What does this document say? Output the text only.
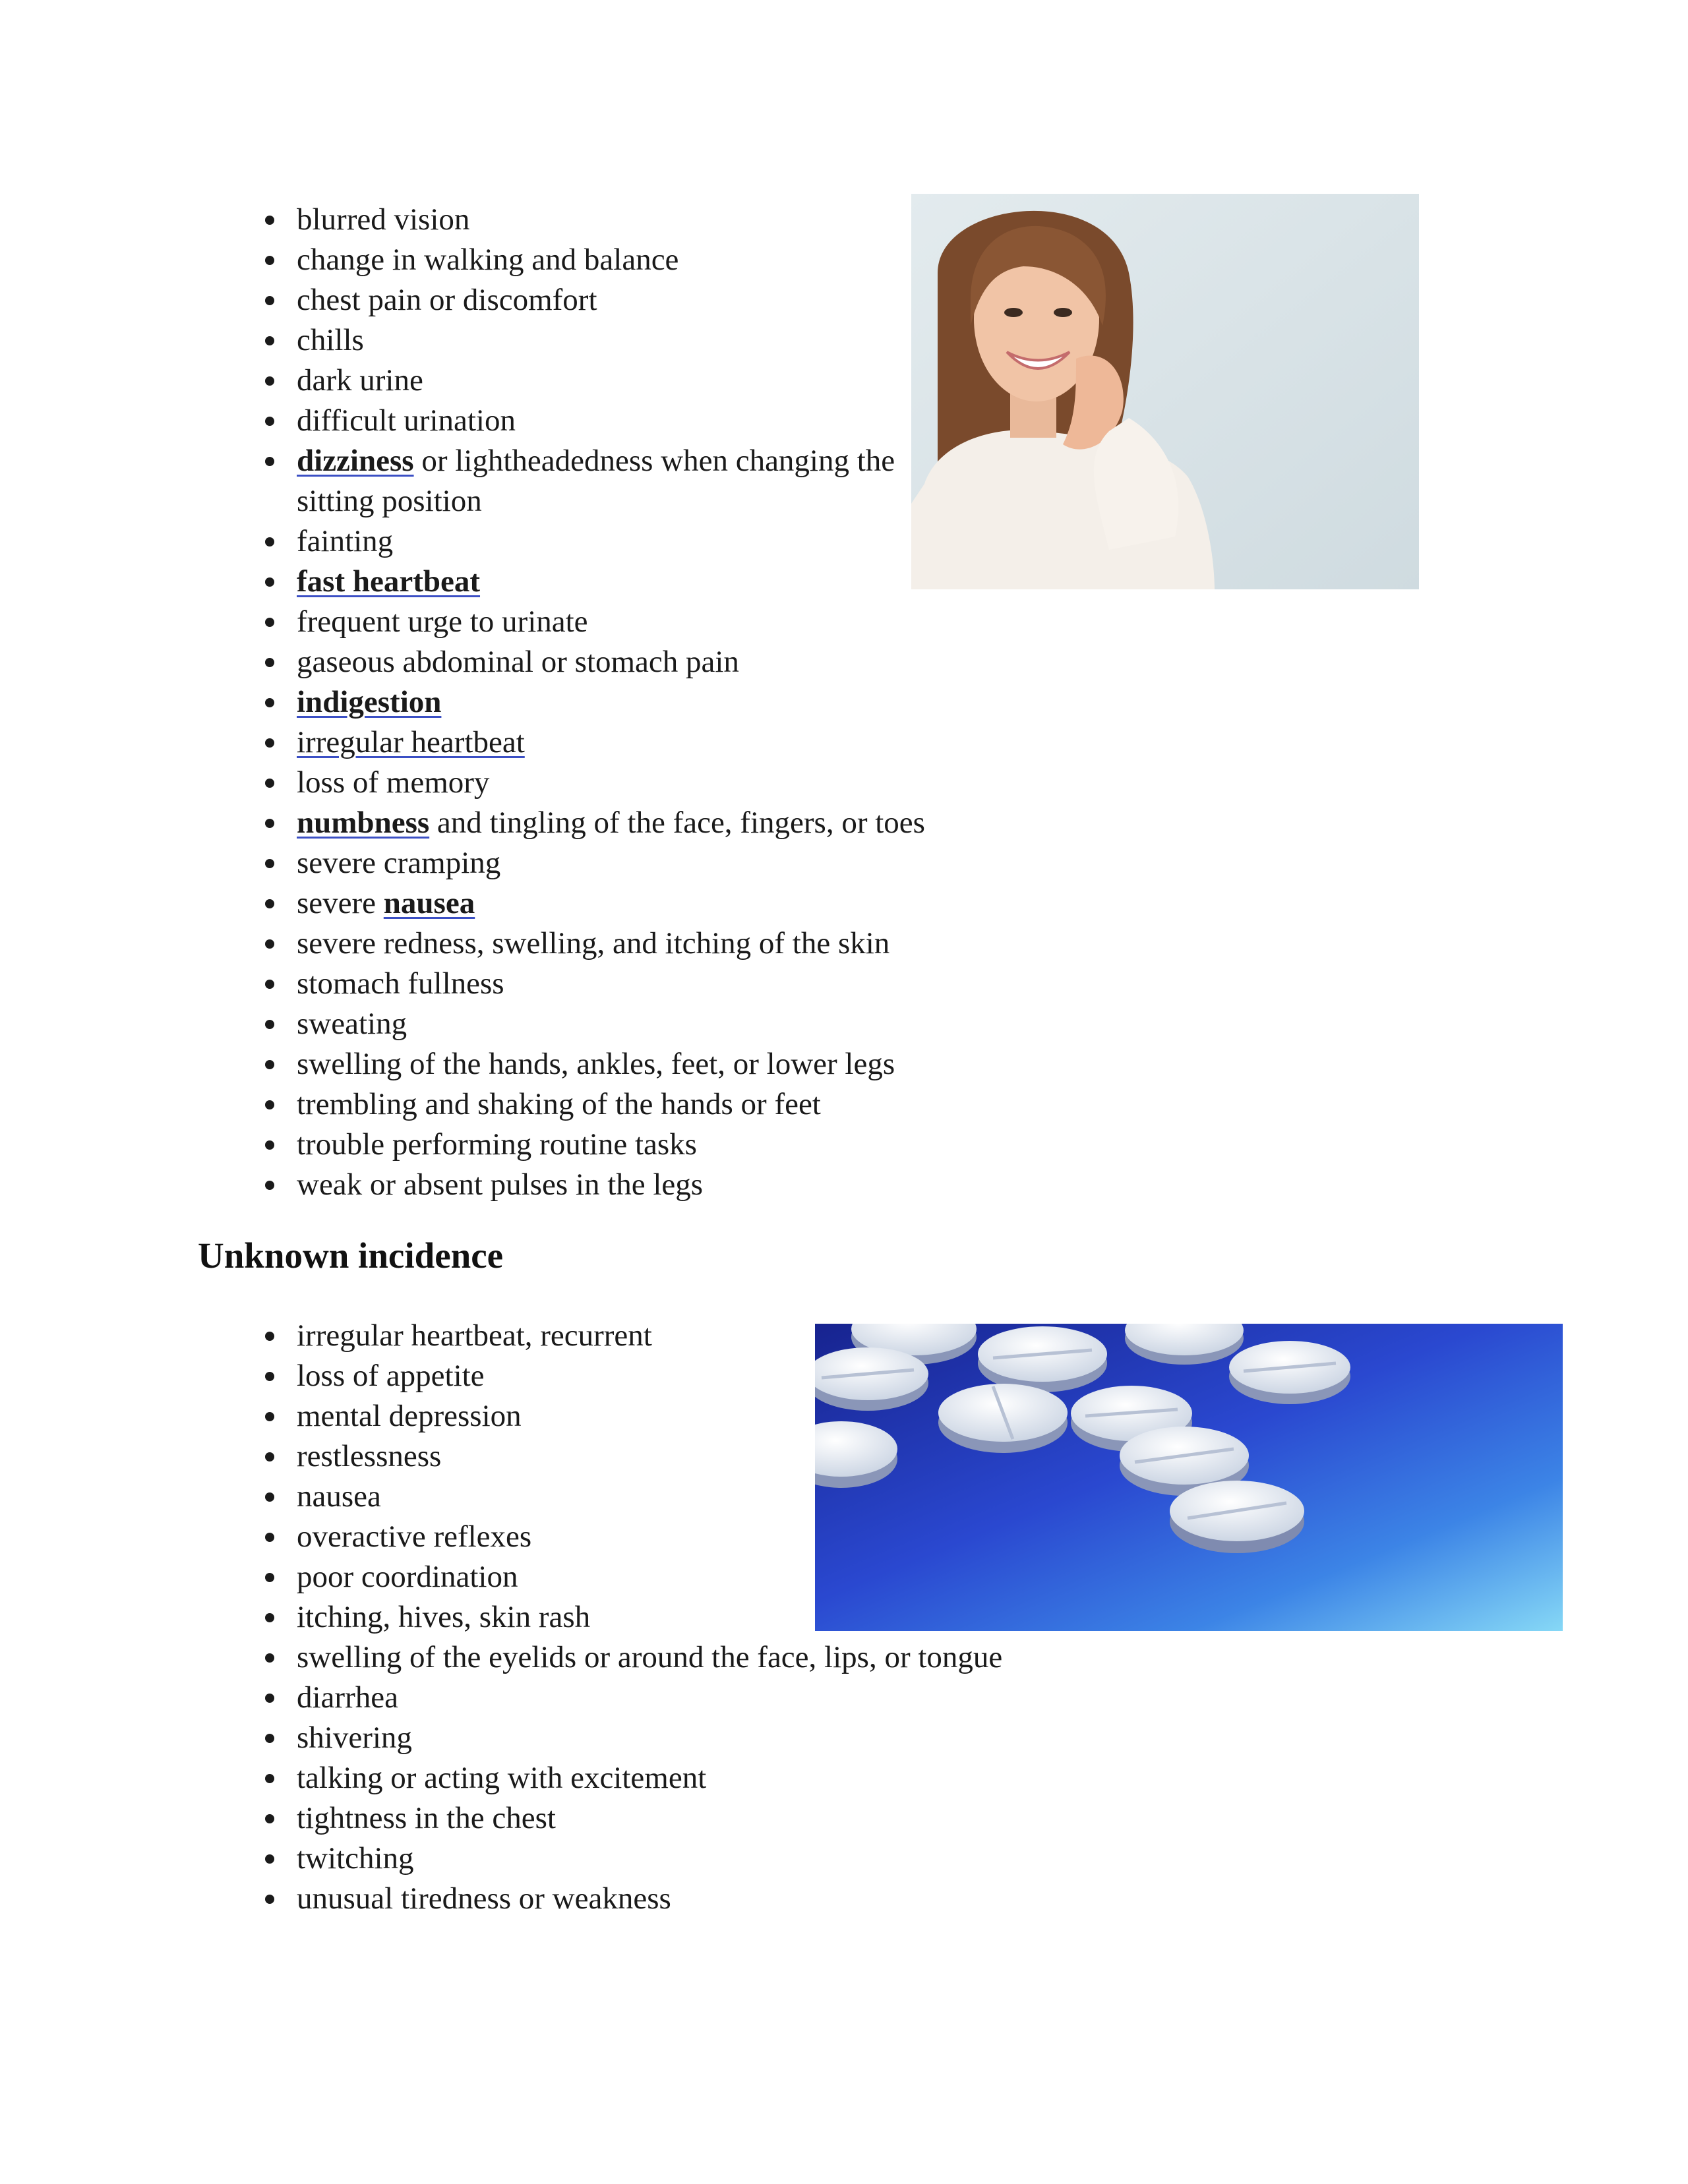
blurred vision
change in walking and balance
chest pain or discomfort
chills
dark urine
difficult urination
dizziness or lightheadedness when changing the sitting position
fainting
fast heartbeat
frequent urge to urinate
gaseous abdominal or stomach pain
indigestion
irregular heartbeat
loss of memory
numbness and tingling of the face, fingers, or toes
severe cramping
severe nausea
severe redness, swelling, and itching of the skin
stomach fullness
sweating
swelling of the hands, ankles, feet, or lower legs
trembling and shaking of the hands or feet
trouble performing routine tasks
weak or absent pulses in the legs
Unknown incidence
irregular heartbeat, recurrent
loss of appetite
mental depression
restlessness
nausea
overactive reflexes
poor coordination
itching, hives, skin rash
swelling of the eyelids or around the face, lips, or tongue
diarrhea
shivering
talking or acting with excitement
tightness in the chest
twitching
unusual tiredness or weakness
